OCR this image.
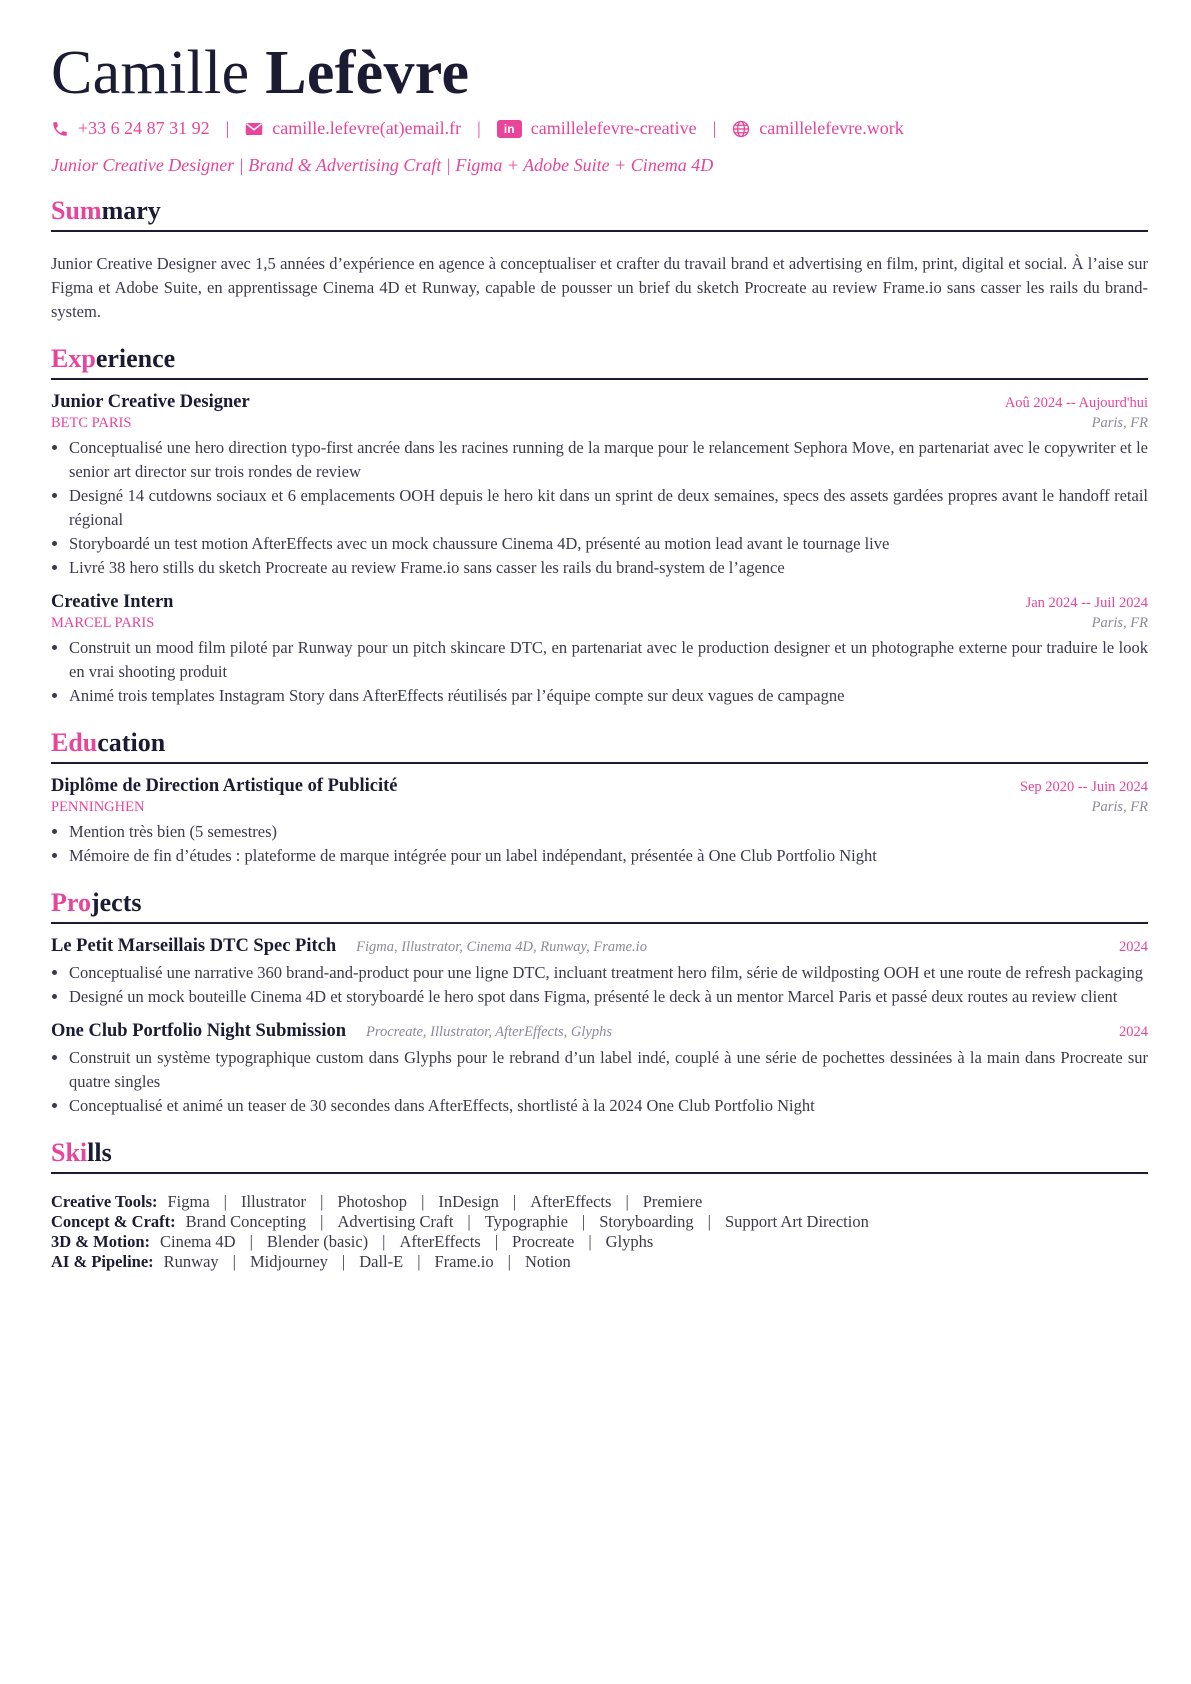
Camille Lefèvre
+33 6 24 87 31 92 | camille.lefevre(at)email.fr |	in camillelefevre-creative | camillelefevre.work
Junior Creative Designer | Brand & Advertising Craft | Figma + Adobe Suite + Cinema 4D
Summary
Junior Creative Designer avec 1,5 années d’expérience en agence à conceptualiser et crafter du travail brand et advertising en film, print, digital et social. À l’aise sur Figma et Adobe Suite, en apprentissage Cinema 4D et Runway, capable de pousser un brief du sketch Procreate au review Frame.io sans casser les rails du brand-system.
Experience
Junior Creative Designer	Aoû 2024 -- Aujourd'hui
BETC PARIS	Paris, FR
• Conceptualisé une hero direction typo-first ancrée dans les racines running de la marque pour le relancement Sephora Move, en partenariat avec le copywriter et le senior art director sur trois rondes de review
• Designé 14 cutdowns sociaux et 6 emplacements OOH depuis le hero kit dans un sprint de deux semaines, specs des assets gardées propres avant le handoff retail régional
• Storyboardé un test motion AfterEffects avec un mock chaussure Cinema 4D, présenté au motion lead avant le tournage live
• Livré 38 hero stills du sketch Procreate au review Frame.io sans casser les rails du brand-system de l’agence
Creative Intern	Jan 2024 -- Juil 2024
MARCEL PARIS	Paris, FR
• Construit un mood film piloté par Runway pour un pitch skincare DTC, en partenariat avec le production designer et un photographe externe pour traduire le look en vrai shooting produit
• Animé trois templates Instagram Story dans AfterEffects réutilisés par l’équipe compte sur deux vagues de campagne
Education
Diplôme de Direction Artistique of Publicité	Sep 2020 -- Juin 2024
PENNINGHEN	Paris, FR
• Mention très bien (5 semestres)
• Mémoire de fin d’études : plateforme de marque intégrée pour un label indépendant, présentée à One Club Portfolio Night
Projects
Le Petit Marseillais DTC Spec Pitch Figma, Illustrator, Cinema 4D, Runway, Frame.io	2024
• Conceptualisé une narrative 360 brand-and-product pour une ligne DTC, incluant treatment hero film, série de wildposting OOH et une route de refresh packaging
• Designé un mock bouteille Cinema 4D et storyboardé le hero spot dans Figma, présenté le deck à un mentor Marcel Paris et passé deux routes au review client
One Club Portfolio Night Submission Procreate, Illustrator, AfterEffects, Glyphs	2024
• Construit un système typographique custom dans Glyphs pour le rebrand d’un label indé, couplé à une série de pochettes dessinées à la main dans Procreate sur quatre singles
• Conceptualisé et animé un teaser de 30 secondes dans AfterEffects, shortlisté à la 2024 One Club Portfolio Night
Skills
Creative Tools: Figma | Illustrator | Photoshop | InDesign | AfterEffects | Premiere
Concept & Craft: Brand Concepting | Advertising Craft | Typographie | Storyboarding | Support Art Direction
3D & Motion: Cinema 4D | Blender (basic) | AfterEffects | Procreate | Glyphs
AI & Pipeline: Runway | Midjourney | Dall-E | Frame.io | Notion
